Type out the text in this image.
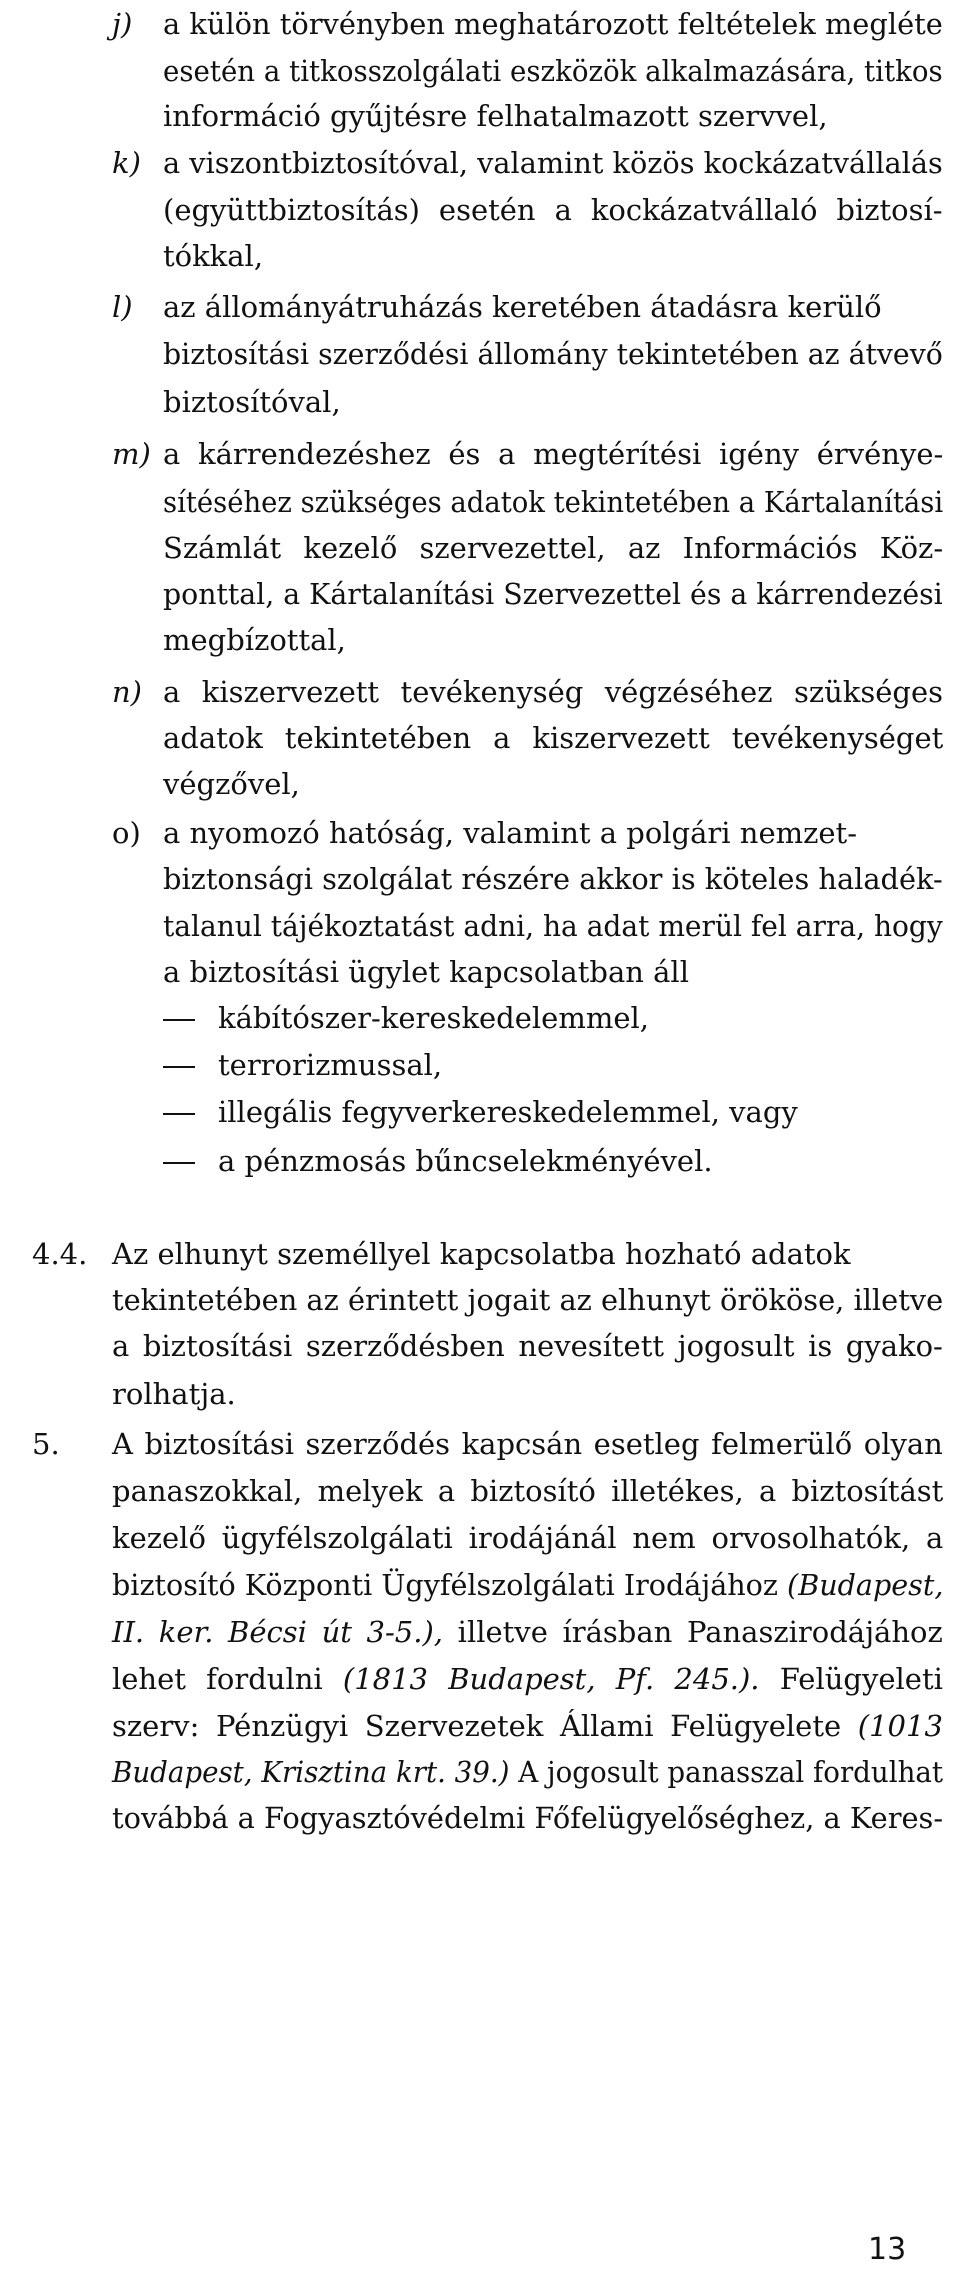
j) a külön törvényben meghatározott feltételek megléte
esetén a titkosszolgálati eszközök alkalmazására, titkos
információ gyűjtésre felhatalmazott szervvel,
k) a viszontbiztosítóval, valamint közös kockázatvállalás
(együttbiztosítás) esetén a kockázatvállaló biztosí-
tókkal,
l) az állományátruházás keretében átadásra kerülő
biztosítási szerződési állomány tekintetében az átvevő
biztosítóval,
m) a kárrendezéshez és a megtérítési igény érvénye-
sítéséhez szükséges adatok tekintetében a Kártalanítási
Számlát kezelő szervezettel, az Információs Köz-
ponttal, a Kártalanítási Szervezettel és a kárrendezési
megbízottal,
n) a kiszervezett tevékenység végzéséhez szükséges
adatok tekintetében a kiszervezett tevékenységet
végzővel,
o) a nyomozó hatóság, valamint a polgári nemzet-
biztonsági szolgálat részére akkor is köteles haladék-
talanul tájékoztatást adni, ha adat merül fel arra, hogy
a biztosítási ügylet kapcsolatban áll
kábítószer-kereskedelemmel,
terrorizmussal,
illegális fegyverkereskedelemmel, vagy
a pénzmosás bűncselekményével.
4.4. Az elhunyt személlyel kapcsolatba hozható adatok
tekintetében az érintett jogait az elhunyt örököse, illetve
a biztosítási szerződésben nevesített jogosult is gyako-
rolhatja.
5. A biztosítási szerződés kapcsán esetleg felmerülő olyan
panaszokkal, melyek a biztosító illetékes, a biztosítást
kezelő ügyfélszolgálati irodájánál nem orvosolhatók, a
biztosító Központi Ügyfélszolgálati Irodájához (Budapest,
II. ker. Bécsi út 3-5.), illetve írásban Panaszirodájához
lehet fordulni (1813 Budapest, Pf. 245.). Felügyeleti
szerv: Pénzügyi Szervezetek Állami Felügyelete (1013
Budapest, Krisztina krt. 39.) A jogosult panasszal fordulhat
továbbá a Fogyasztóvédelmi Főfelügyelőséghez, a Keres-
13
